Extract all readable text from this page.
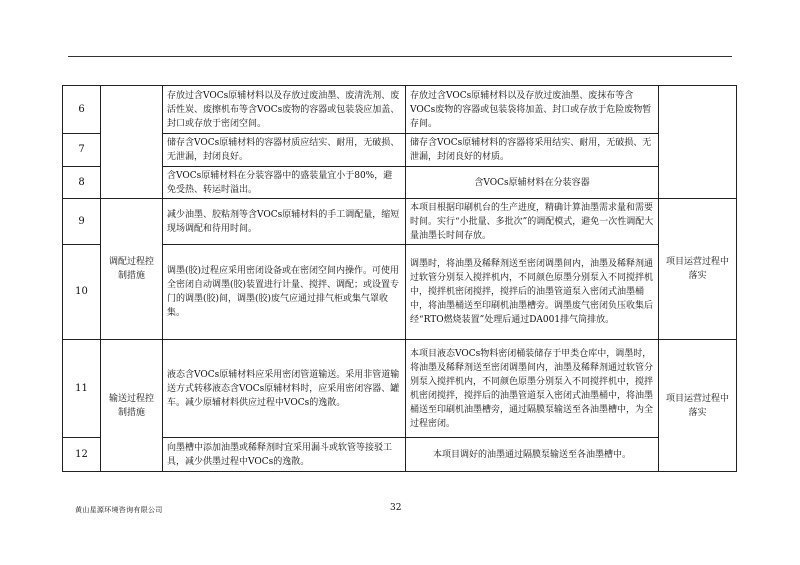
6		存放过含VOCs原辅材料以及存放过废油墨、废清洗剂、废活性炭、废擦机布等含VOCs废物的容器或包装袋应加盖、封口或存放于密闭空间。	存放过含VOCs原辅材料以及存放过废油墨、废抹布等含VOCs废物的容器或包装袋将加盖、封口或存放于危险废物暂存间。	
7		储存含VOCs原辅材料的容器材质应结实、耐用，无破损、无泄漏，封闭良好。	储存含VOCs原辅材料的容器将采用结实、耐用，无破损、无泄漏，封闭良好的材质。	
8		含VOCs原辅材料在分装容器中的盛装量宜小于80%，避免受热、转运时溢出。	含VOCs原辅材料在分装容器	
9	调配过程控制措施	减少油墨、胶粘剂等含VOCs原辅材料的手工调配量，缩短现场调配和待用时间。	本项目根据印刷机台的生产进度，精确计算油墨需求量和需要时间。实行“小批量、多批次”的调配模式，避免一次性调配大量油墨长时间存放。	项目运营过程中落实
10		调墨(胶)过程应采用密闭设备或在密闭空间内操作。可使用全密闭自动调墨(胶)装置进行计量、搅拌、调配；或设置专门的调墨(胶)间，调墨(胶)废气应通过排气柜或集气罩收集。	调墨时，将油墨及稀释剂送至密闭调墨间内，油墨及稀释剂通过软管分别泵入搅拌机内，不同颜色原墨分别泵入不同搅拌机中，搅拌机密闭搅拌，搅拌后的油墨管道泵入密闭式油墨桶中，将油墨桶送至印刷机油墨槽旁。调墨废气密闭负压收集后经“RTO燃烧装置”处理后通过DA001排气筒排放。	
11	输送过程控制措施	液态含VOCs原辅材料应采用密闭管道输送。采用非管道输送方式转移液态含VOCs原辅材料时，应采用密闭容器、罐车。减少原辅材料供应过程中VOCs的逸散。	本项目液态VOCs物料密闭桶装储存于甲类仓库中，调墨时，将油墨及稀释剂送至密闭调墨间内，油墨及稀释剂通过软管分别泵入搅拌机内，不同颜色原墨分别泵入不同搅拌机中，搅拌机密闭搅拌，搅拌后的油墨管道泵入密闭式油墨桶中，将油墨桶送至印刷机油墨槽旁，通过隔膜泵输送至各油墨槽中，为全过程密闭。	项目运营过程中落实
12		向墨槽中添加油墨或稀释剂时宜采用漏斗或软管等接驳工具，减少供墨过程中VOCs的逸散。	本项目调好的油墨通过隔膜泵输送至各油墨槽中。	
黄山星源环境咨询有限公司	32
